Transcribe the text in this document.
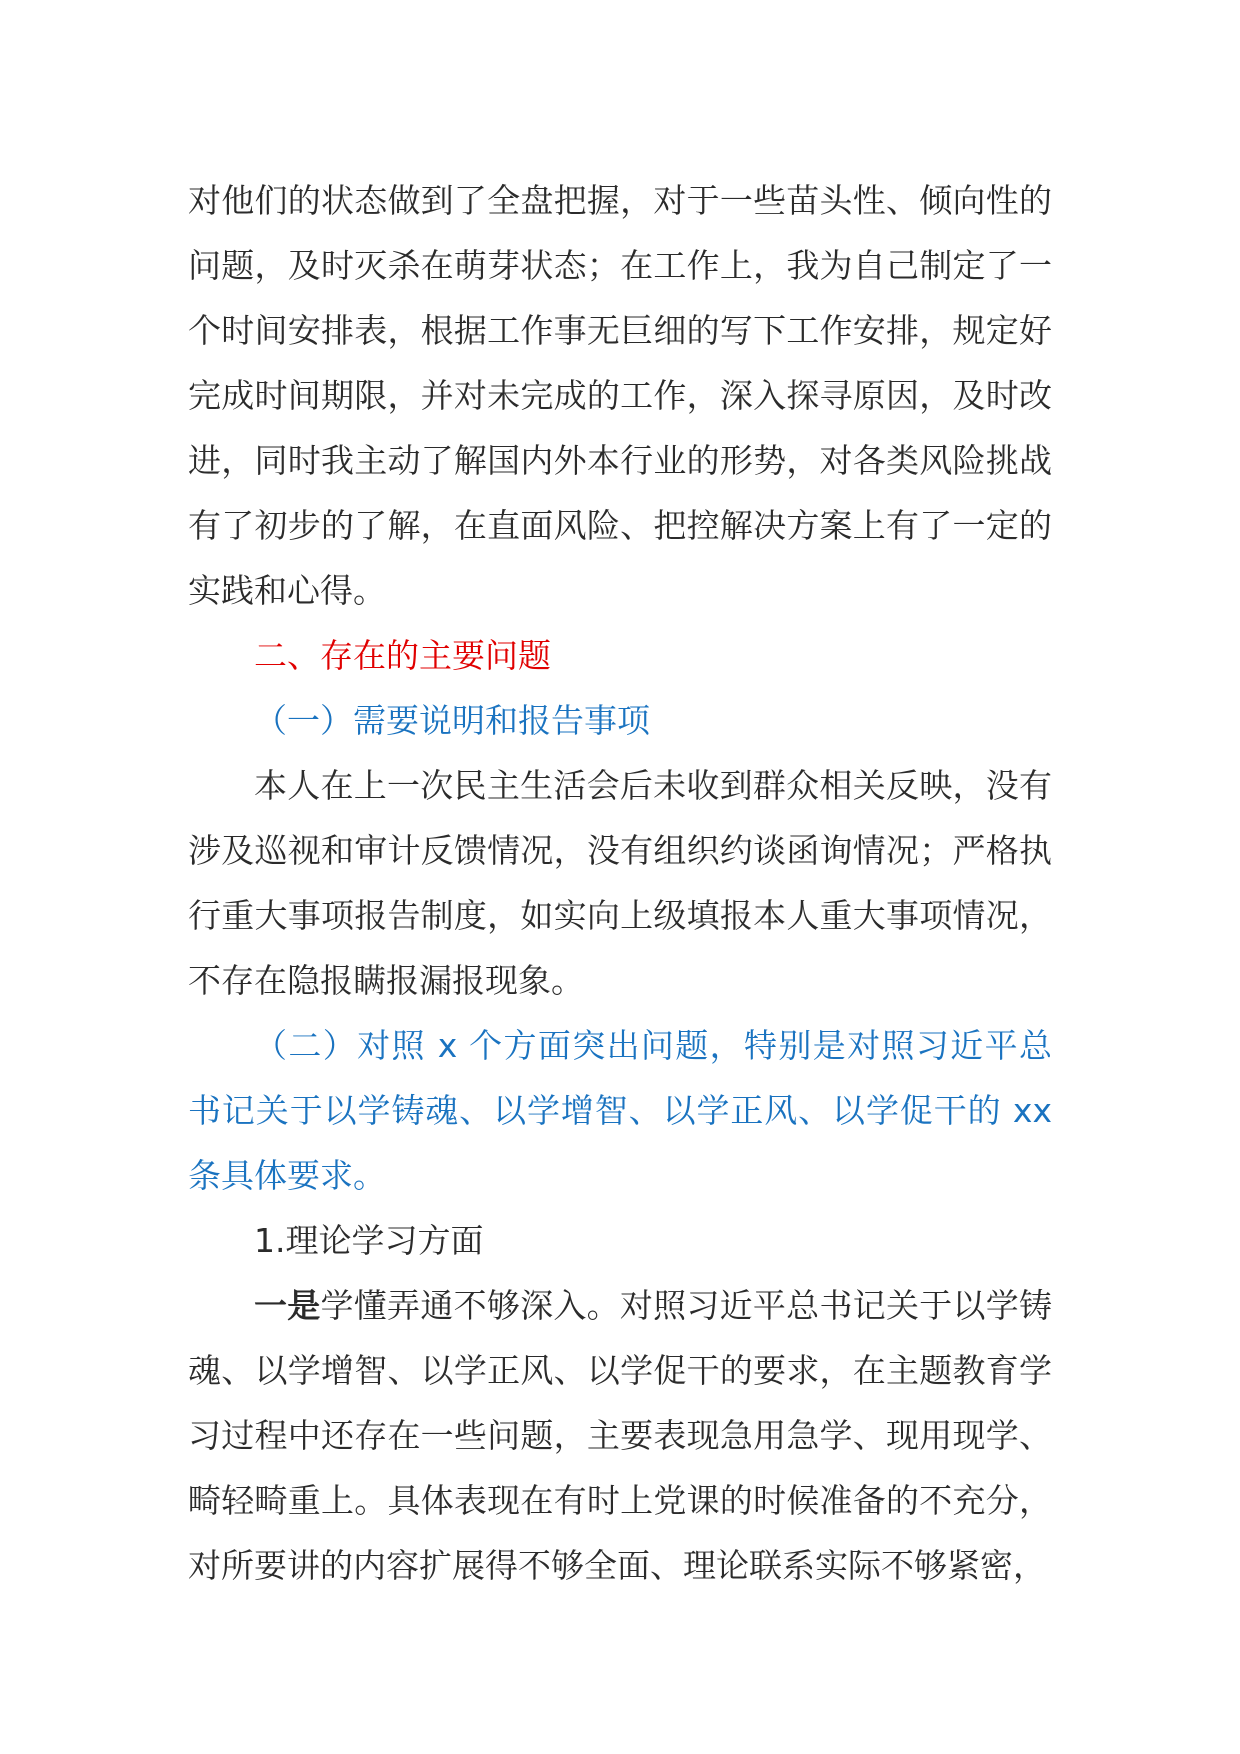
对他们的状态做到了全盘把握，对于一些苗头性、倾向性的问题，及时灭杀在萌芽状态；在工作上，我为自己制定了一个时间安排表，根据工作事无巨细的写下工作安排，规定好完成时间期限，并对未完成的工作，深入探寻原因，及时改进，同时我主动了解国内外本行业的形势，对各类风险挑战有了初步的了解，在直面风险、把控解决方案上有了一定的实践和心得。

二、存在的主要问题

（一）需要说明和报告事项

本人在上一次民主生活会后未收到群众相关反映，没有涉及巡视和审计反馈情况，没有组织约谈函询情况；严格执行重大事项报告制度，如实向上级填报本人重大事项情况，不存在隐报瞒报漏报现象。

（二）对照 x 个方面突出问题，特别是对照习近平总书记关于以学铸魂、以学增智、以学正风、以学促干的 xx 条具体要求。

1.理论学习方面

一是学懂弄通不够深入。对照习近平总书记关于以学铸魂、以学增智、以学正风、以学促干的要求，在主题教育学习过程中还存在一些问题，主要表现急用急学、现用现学、畸轻畸重上。具体表现在有时上党课的时候准备的不充分，对所要讲的内容扩展得不够全面、理论联系实际不够紧密，
